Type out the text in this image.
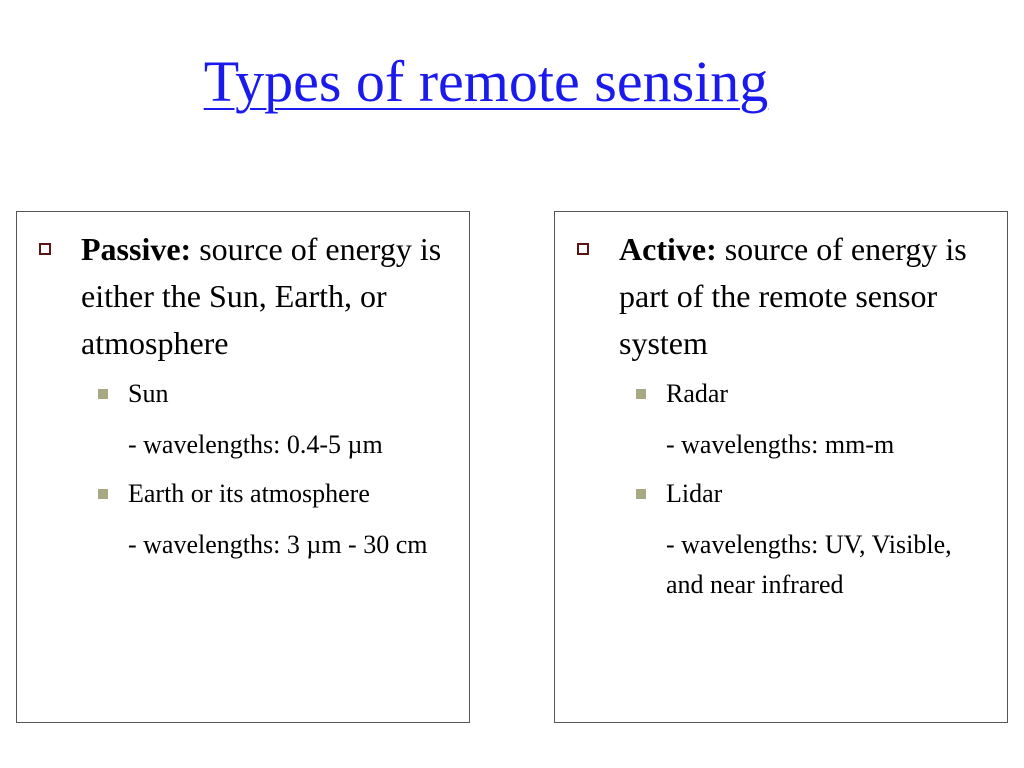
Types of remote sensing
Passive: source of energy is either the Sun, Earth, or atmosphere
Sun
- wavelengths: 0.4-5 µm
Earth or its atmosphere
- wavelengths: 3 µm - 30 cm
Active: source of energy is part of the remote sensor system
Radar
- wavelengths: mm-m
Lidar
- wavelengths: UV, Visible, and near infrared
